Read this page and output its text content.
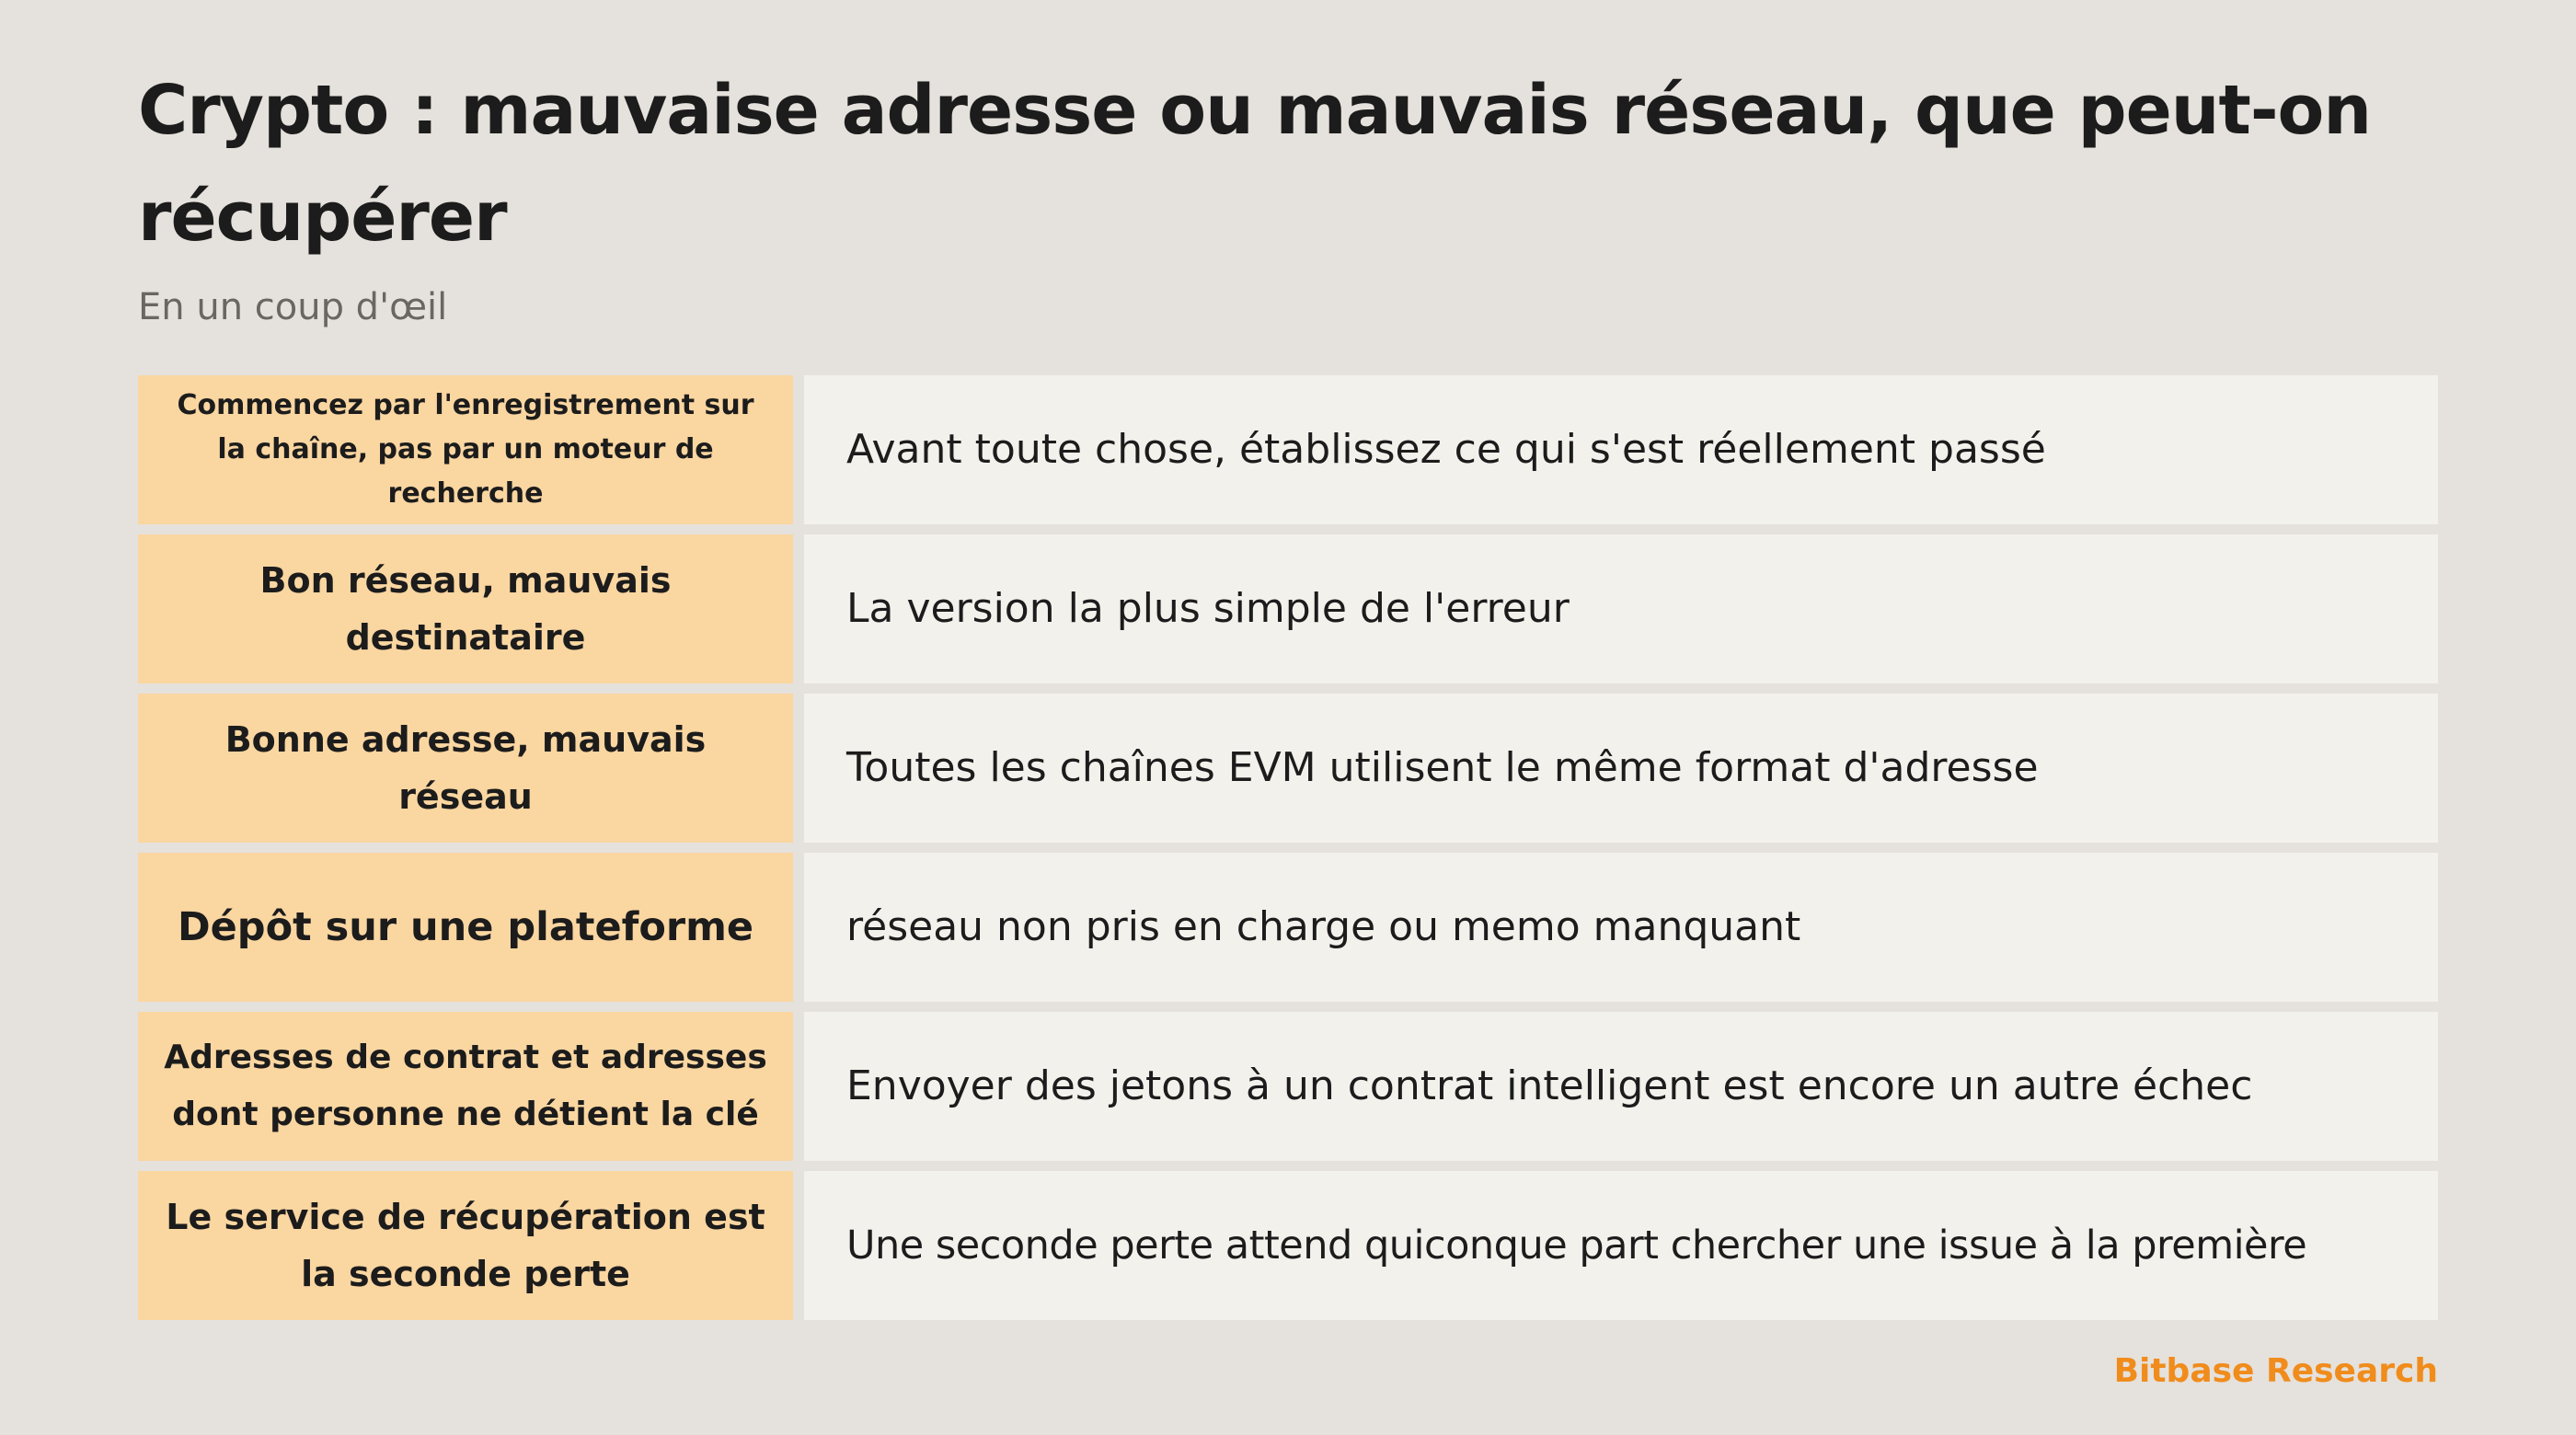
Crypto : mauvaise adresse ou mauvais réseau, que peut-on récupérer

En un coup d'œil

Commencez par l'enregistrement sur la chaîne, pas par un moteur de recherche
Avant toute chose, établissez ce qui s'est réellement passé
Bon réseau, mauvais destinataire
La version la plus simple de l'erreur
Bonne adresse, mauvais réseau
Toutes les chaînes EVM utilisent le même format d'adresse
Dépôt sur une plateforme	réseau non pris en charge ou memo manquant
Adresses de contrat et adresses dont personne ne détient la clé
Envoyer des jetons à un contrat intelligent est encore un autre échec
Le service de récupération est la seconde perte
Une seconde perte attend quiconque part chercher une issue à la première

Bitbase Research
